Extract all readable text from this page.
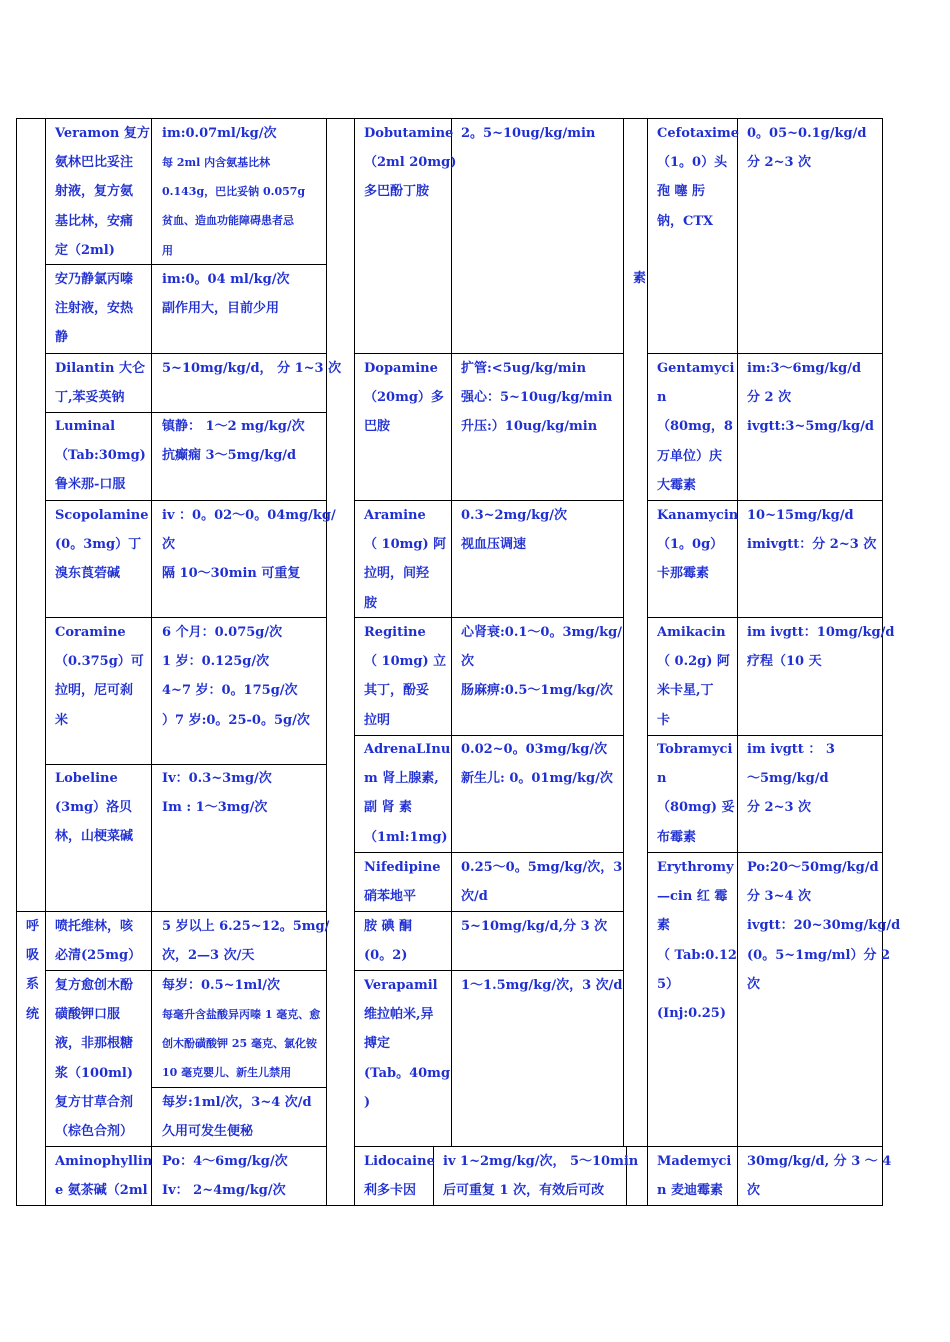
呼
吸
系
统
素
Veramon 复方
氨林巴比妥注
射液，复方氨
基比林，安痛
定（2ml)
im:0.07ml/kg/次
每 2ml 内含氨基比林
0.143g，巴比妥钠 0.057g
贫血、造血功能障碍患者忌
用
安乃静氯丙嗪
注射液，安热
静
im:0。04 ml/kg/次
副作用大，目前少用
Dilantin 大仑
丁,苯妥英钠
5~10mg/kg/d， 分 1~3 次
Luminal
（Tab:30mg)
鲁米那-口服
镇静： 1～2 mg/kg/次
抗癫痫 3～5mg/kg/d
Scopolamine
(0。3mg）丁
溴东莨菪碱
iv ：0。02～0。04mg/kg/
次
隔 10～30min 可重复
Coramine
（0.375g）可
拉明，尼可刹
米
6 个月：0.075g/次
1 岁：0.125g/次
4~7 岁：0。175g/次
）7 岁:0。25-0。5g/次
Lobeline
(3mg）洛贝
林，山梗菜碱
Iv：0.3~3mg/次
Im : 1～3mg/次
喷托维林，咳
必清(25mg）
5 岁以上 6.25~12。5mg/
次，2—3 次/天
复方愈创木酚
磺酸钾口服
液，非那根糖
浆（100ml)
每岁：0.5~1ml/次
每毫升含盐酸异丙嗪 1 毫克、愈
创木酚磺酸钾 25 毫克、氯化铵
10 毫克婴儿、新生儿禁用
复方甘草合剂
（棕色合剂）
每岁:1ml/次，3~4 次/d
久用可发生便秘
Aminophyllin
e 氨茶碱（2ml
Po：4～6mg/kg/次
Iv： 2~4mg/kg/次
Dobutamine
（2ml 20mg)
多巴酚丁胺
2。5~10ug/kg/min
Dopamine
（20mg）多
巴胺
扩管:<5ug/kg/min
强心：5~10ug/kg/min
升压:）10ug/kg/min
Aramine
（ 10mg) 阿
拉明，间羟
胺
0.3~2mg/kg/次
视血压调速
Regitine
（ 10mg) 立
其丁，酚妥
拉明
心肾衰:0.1～0。3mg/kg/
次
肠麻痹:0.5～1mg/kg/次
AdrenaLInu
m 肾上腺素,
副 肾 素
（1ml:1mg)
0.02~0。03mg/kg/次
新生儿: 0。01mg/kg/次
Nifedipine
硝苯地平
0.25～0。5mg/kg/次，3
次/d
胺 碘 酮
(0。2)
5~10mg/kg/d,分 3 次
Verapamil
维拉帕米,异
搏定
(Tab。40mg
)
1～1.5mg/kg/次，3 次/d
Lidocaine
利多卡因
iv 1~2mg/kg/次， 5～10min
后可重复 1 次，有效后可改
Cefotaxime
（1。0）头
孢 噻 肟
钠，CTX
0。05~0.1g/kg/d
分 2~3 次
Gentamyci
n
（80mg，8
万单位）庆
大霉素
im:3～6mg/kg/d
分 2 次
ivgtt:3~5mg/kg/d
Kanamycin
（1。0g）
卡那霉素
10~15mg/kg/d
imivgtt：分 2~3 次
Amikacin
（ 0.2g) 阿
米卡星,丁
卡
im ivgtt：10mg/kg/d
疗程（10 天
Tobramyci
n
（80mg) 妥
布霉素
im ivgtt ： 3
～5mg/kg/d
分 2~3 次
Erythromy
—cin 红 霉
素
（ Tab:0.12
5）
(Inj:0.25)
Po:20～50mg/kg/d
分 3~4 次
ivgtt：20~30mg/kg/d
(0。5~1mg/ml）分 2
次
Mademyci
n 麦迪霉素
30mg/kg/d, 分 3 ～ 4
次
